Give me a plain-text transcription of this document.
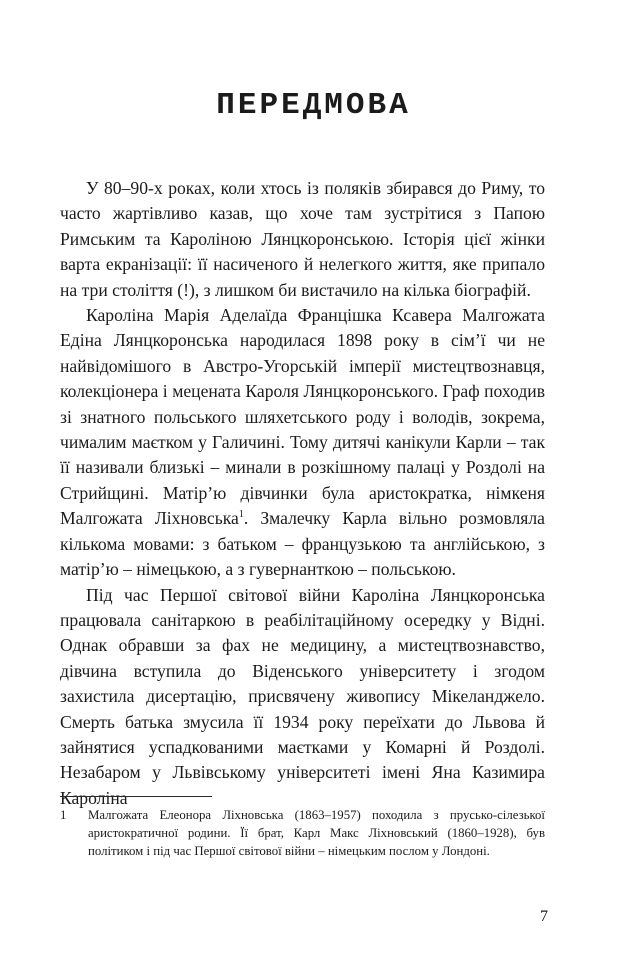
ПЕРЕДМОВА

У 80–90-х роках, коли хтось із поляків збирався до Риму, то часто жартівливо казав, що хоче там зустрітися з Папою Римським та Кароліною Лянцкоронською. Історія цієї жінки варта екранізації: її насиченого й нелегкого життя, яке припало на три століття (!), з лишком би вистачило на кілька біографій.

Кароліна Марія Аделаїда Францішка Ксавера Малгожата Едіна Лянцкоронська народилася 1898 року в сім’ї чи не найвідомішого в Австро-Угорській імперії мистецтвознавця, колекціонера і мецената Кароля Лянцкоронського. Граф походив зі знатного польського шляхетського роду і володів, зокрема, чималим маєтком у Галичині. Тому дитячі канікули Карли – так її називали близькі – минали в розкішному палаці у Роздолі на Стрийщині. Матір’ю дівчинки була аристократка, німкеня Малгожата Ліхновська$^1$. Змалечку Карла вільно розмовляла кількома мовами: з батьком – французькою та англійською, з матір’ю – німецькою, а з гувернанткою – польською.

Під час Першої світової війни Кароліна Лянцкоронська працювала санітаркою в реабілітаційному осередку у Відні. Однак обравши за фах не медицину, а мистецтвознавство, дівчина вступила до Віденського університету і згодом захистила дисертацію, присвячену живопису Мікеланджело. Смерть батька змусила її 1934 року переїхати до Львова й зайнятися успадкованими маєтками у Комарні й Роздолі. Незабаром у Львівському університеті імені Яна Казимира Кароліна

1	Малгожата Елеонора Ліхновська (1863–1957) походила з прусько-сілезької аристократичної родини. Її брат, Карл Макс Ліхновський (1860–1928), був політиком і під час Першої світової війни – німецьким послом у Лондоні.
7
